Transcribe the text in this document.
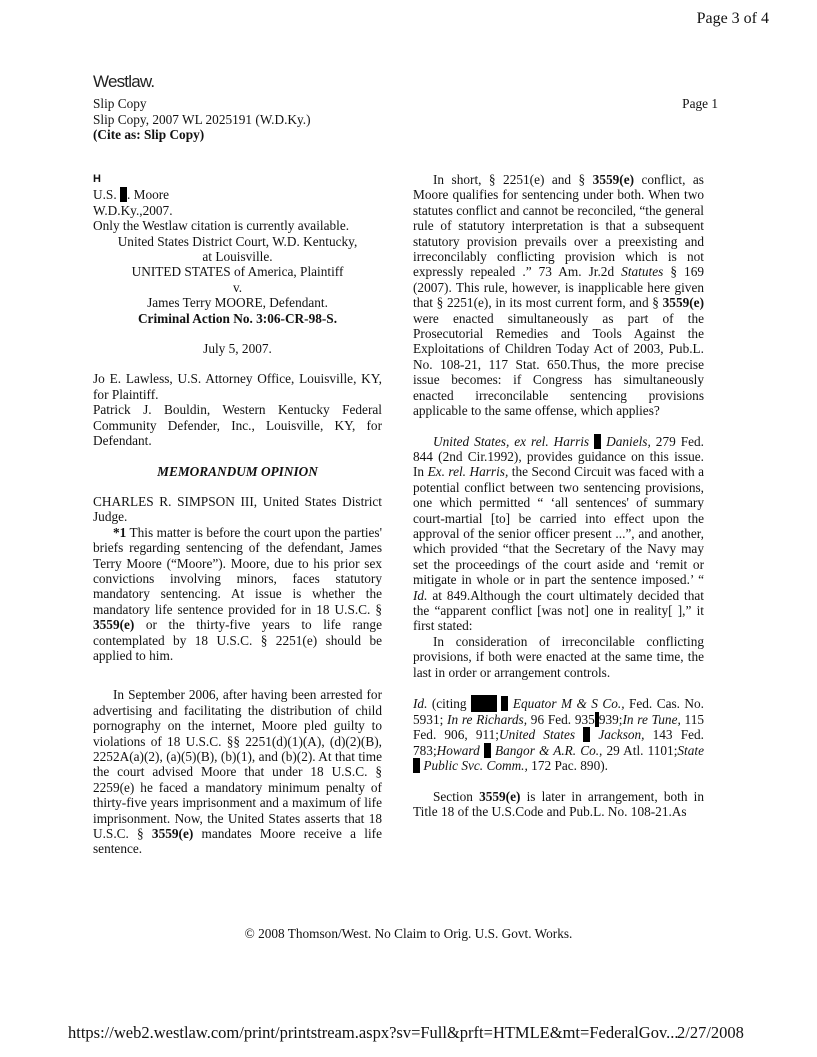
Page 3 of 4
Westlaw.
Slip Copy
Slip Copy, 2007 WL 2025191 (W.D.Ky.)
(Cite as: Slip Copy)
Page 1
H
U.S. . Moore
W.D.Ky.,2007.
Only the Westlaw citation is currently available.
United States District Court, W.D. Kentucky,
at Louisville.
UNITED STATES of America, Plaintiff
v.
James Terry MOORE, Defendant.
Criminal Action No. 3:06-CR-98-S.
July 5, 2007.

Jo E. Lawless, U.S. Attorney Office, Louisville, KY, for Plaintiff.

Patrick J. Bouldin, Western Kentucky Federal Community Defender, Inc., Louisville, KY, for Defendant.

MEMORANDUM OPINION

CHARLES R. SIMPSON III, United States District Judge.

*1 This matter is before the court upon the parties' briefs regarding sentencing of the defendant, James Terry Moore (“Moore”). Moore, due to his prior sex convictions involving minors, faces statutory mandatory sentencing. At issue is whether the mandatory life sentence provided for in 18 U.S.C. § 3559(e) or the thirty-five years to life range contemplated by 18 U.S.C. § 2251(e) should be applied to him.

In September 2006, after having been arrested for advertising and facilitating the distribution of child pornography on the internet, Moore pled guilty to violations of 18 U.S.C. §§ 2251(d)(1)(A), (d)(2)(B), 2252A(a)(2), (a)(5)(B), (b)(1), and (b)(2). At that time the court advised Moore that under 18 U.S.C. § 2259(e) he faced a mandatory minimum penalty of thirty-five years imprisonment and a maximum of life imprisonment. Now, the United States asserts that 18 U.S.C. § 3559(e) mandates Moore receive a life sentence.

In short, § 2251(e) and § 3559(e) conflict, as Moore qualifies for sentencing under both. When two statutes conflict and cannot be reconciled, “the general rule of statutory interpretation is that a subsequent statutory provision prevails over a preexisting and irreconcilably conflicting provision which is not expressly repealed .” 73 Am. Jr.2d Statutes § 169 (2007). This rule, however, is inapplicable here given that § 2251(e), in its most current form, and § 3559(e) were enacted simultaneously as part of the Prosecutorial Remedies and Tools Against the Exploitations of Children Today Act of 2003, Pub.L. No. 108-21, 117 Stat. 650.Thus, the more precise issue becomes: if Congress has simultaneously enacted irreconcilable sentencing provisions applicable to the same offense, which applies?

United States, ex rel. Harris  Daniels, 279 Fed. 844 (2nd Cir.1992), provides guidance on this issue. In Ex. rel. Harris, the Second Circuit was faced with a potential conflict between two sentencing provisions, one which permitted “ ‘all sentences' of summary court-martial [to] be carried into effect upon the approval of the senior officer present ...”, and another, which provided “that the Secretary of the Navy may set the proceedings of the court aside and ‘remit or mitigate in whole or in part the sentence imposed.’ “ Id. at 849.Although the court ultimately decided that the “apparent conflict [was not] one in reality[ ],” it first stated:

In consideration of irreconcilable conflicting provisions, if both were enacted at the same time, the last in order or arrangement controls.

Id. (citing	Equator M & S Co., Fed. Cas. No. 5931; In re Richards, 96 Fed. 935 939;In re Tune, 115 Fed. 906, 911;United States  Jackson, 143 Fed. 783;Howard  Bangor & A.R. Co., 29 Atl. 1101;State  Public Svc. Comm., 172 Pac. 890).

Section 3559(e) is later in arrangement, both in Title 18 of the U.S.Code and Pub.L. No. 108-21.As

© 2008 Thomson/West. No Claim to Orig. U.S. Govt. Works.
https://web2.westlaw.com/print/printstream.aspx?sv=Full&prft=HTMLE&mt=FederalGov...
2/27/2008
